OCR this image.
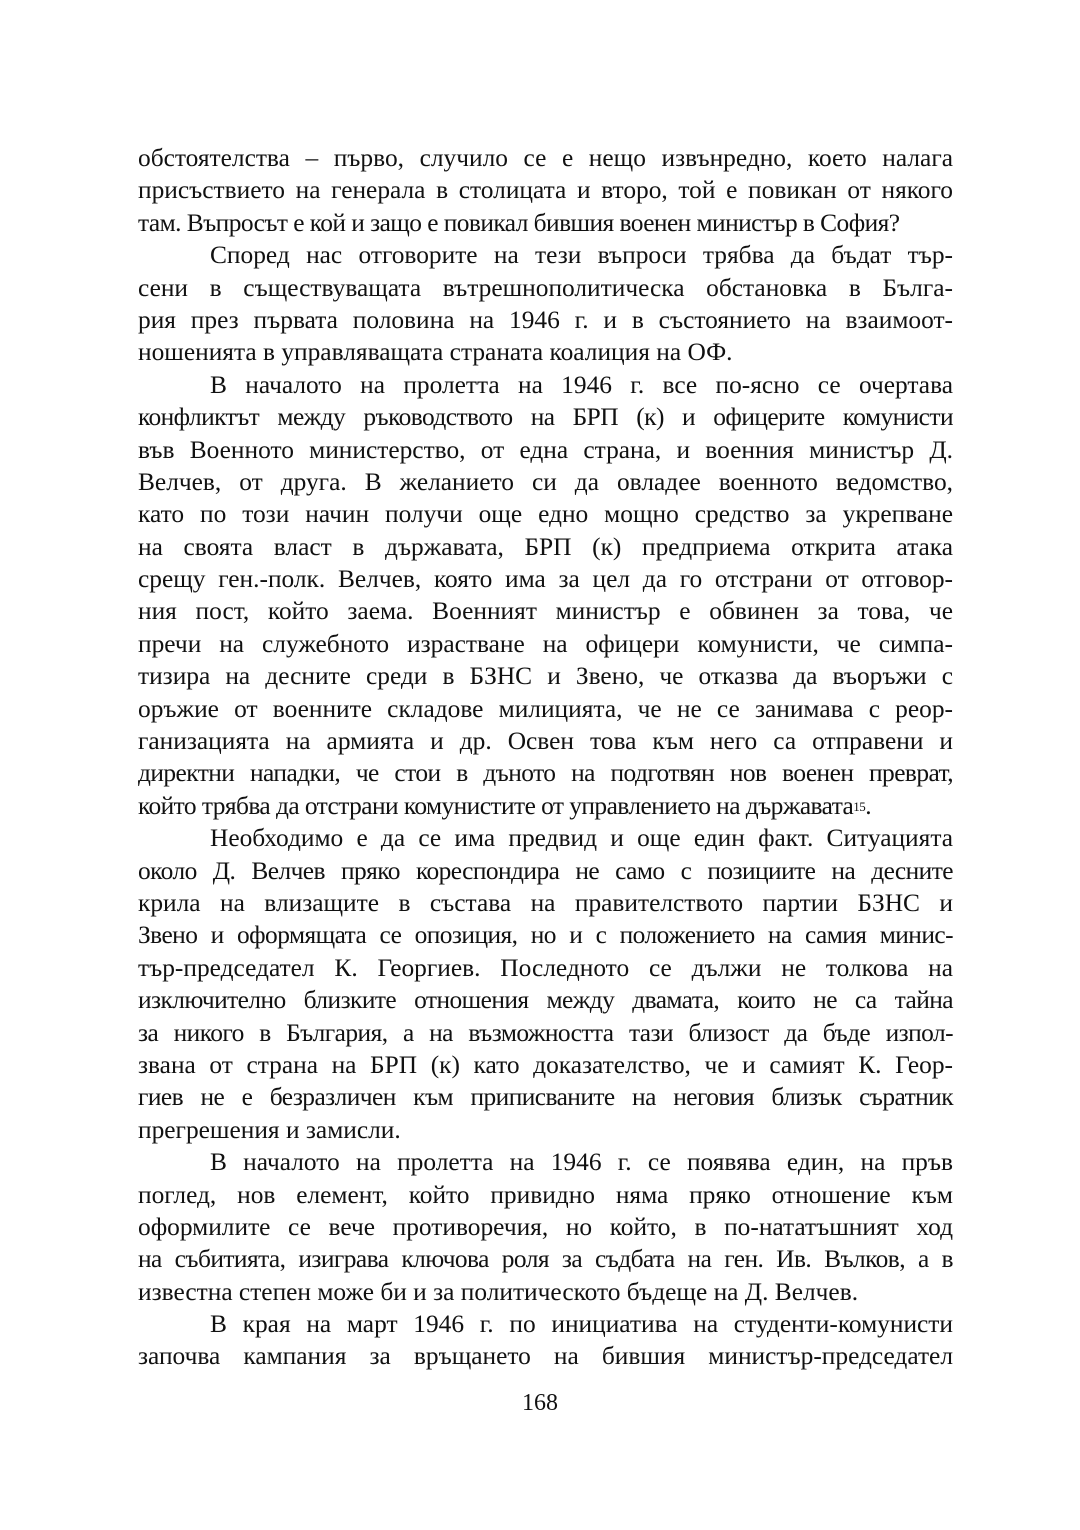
обстоятелства – първо, случило се е нещо извънредно, което налага
присъствието на генерала в столицата и второ, той е повикан от някого
там. Въпросът е кой и защо е повикал бившия военен министър в София?
Според нас отговорите на тези въпроси трябва да бъдат тър-
сени в съществуващата вътрешнополитическа обстановка в Бълга-
рия през първата половина на 1946 г. и в състоянието на взаимоот-
ношенията в управляващата страната коалиция на ОФ.
В началото на пролетта на 1946 г. все по-ясно се очертава
конфликтът между ръководството на БРП (к) и офицерите комунисти
във Военното министерство, от една страна, и военния министър Д.
Велчев, от друга. В желанието си да овладее военното ведомство,
като по този начин получи още едно мощно средство за укрепване
на своята власт в държавата, БРП (к) предприема открита атака
срещу ген.-полк. Велчев, която има за цел да го отстрани от отговор-
ния пост, който заема. Военният министър е обвинен за това, че
пречи на служебното израстване на офицери комунисти, че симпа-
тизира на десните среди в БЗНС и Звено, че отказва да въоръжи с
оръжие от военните складове милицията, че не се занимава с реор-
ганизацията на армията и др. Освен това към него са отправени и
директни нападки, че стои в дъното на подготвян нов военен преврат,
който трябва да отстрани комунистите от управлението на държавата$^{15}$.
Необходимо е да се има предвид и още един факт. Ситуацията
около Д. Велчев пряко кореспондира не само с позициите на десните
крила на влизащите в състава на правителството партии БЗНС и
Звено и оформящата се опозиция, но и с положението на самия минис-
тър-председател К. Георгиев. Последното се дължи не толкова на
изключително близките отношения между двамата, които не са тайна
за никого в България, а на възможността тази близост да бъде изпол-
звана от страна на БРП (к) като доказателство, че и самият К. Геор-
гиев не е безразличен към приписваните на неговия близък съратник
прегрешения и замисли.
В началото на пролетта на 1946 г. се появява един, на пръв
поглед, нов елемент, който привидно няма пряко отношение към
оформилите се вече противоречия, но който, в по-нататъшният ход
на събитията, изиграва ключова роля за съдбата на ген. Ив. Вълков, а в
известна степен може би и за политическото бъдеще на Д. Велчев.
В края на март 1946 г. по инициатива на студенти-комунисти
започва кампания за връщането на бившия министър-председател
168
